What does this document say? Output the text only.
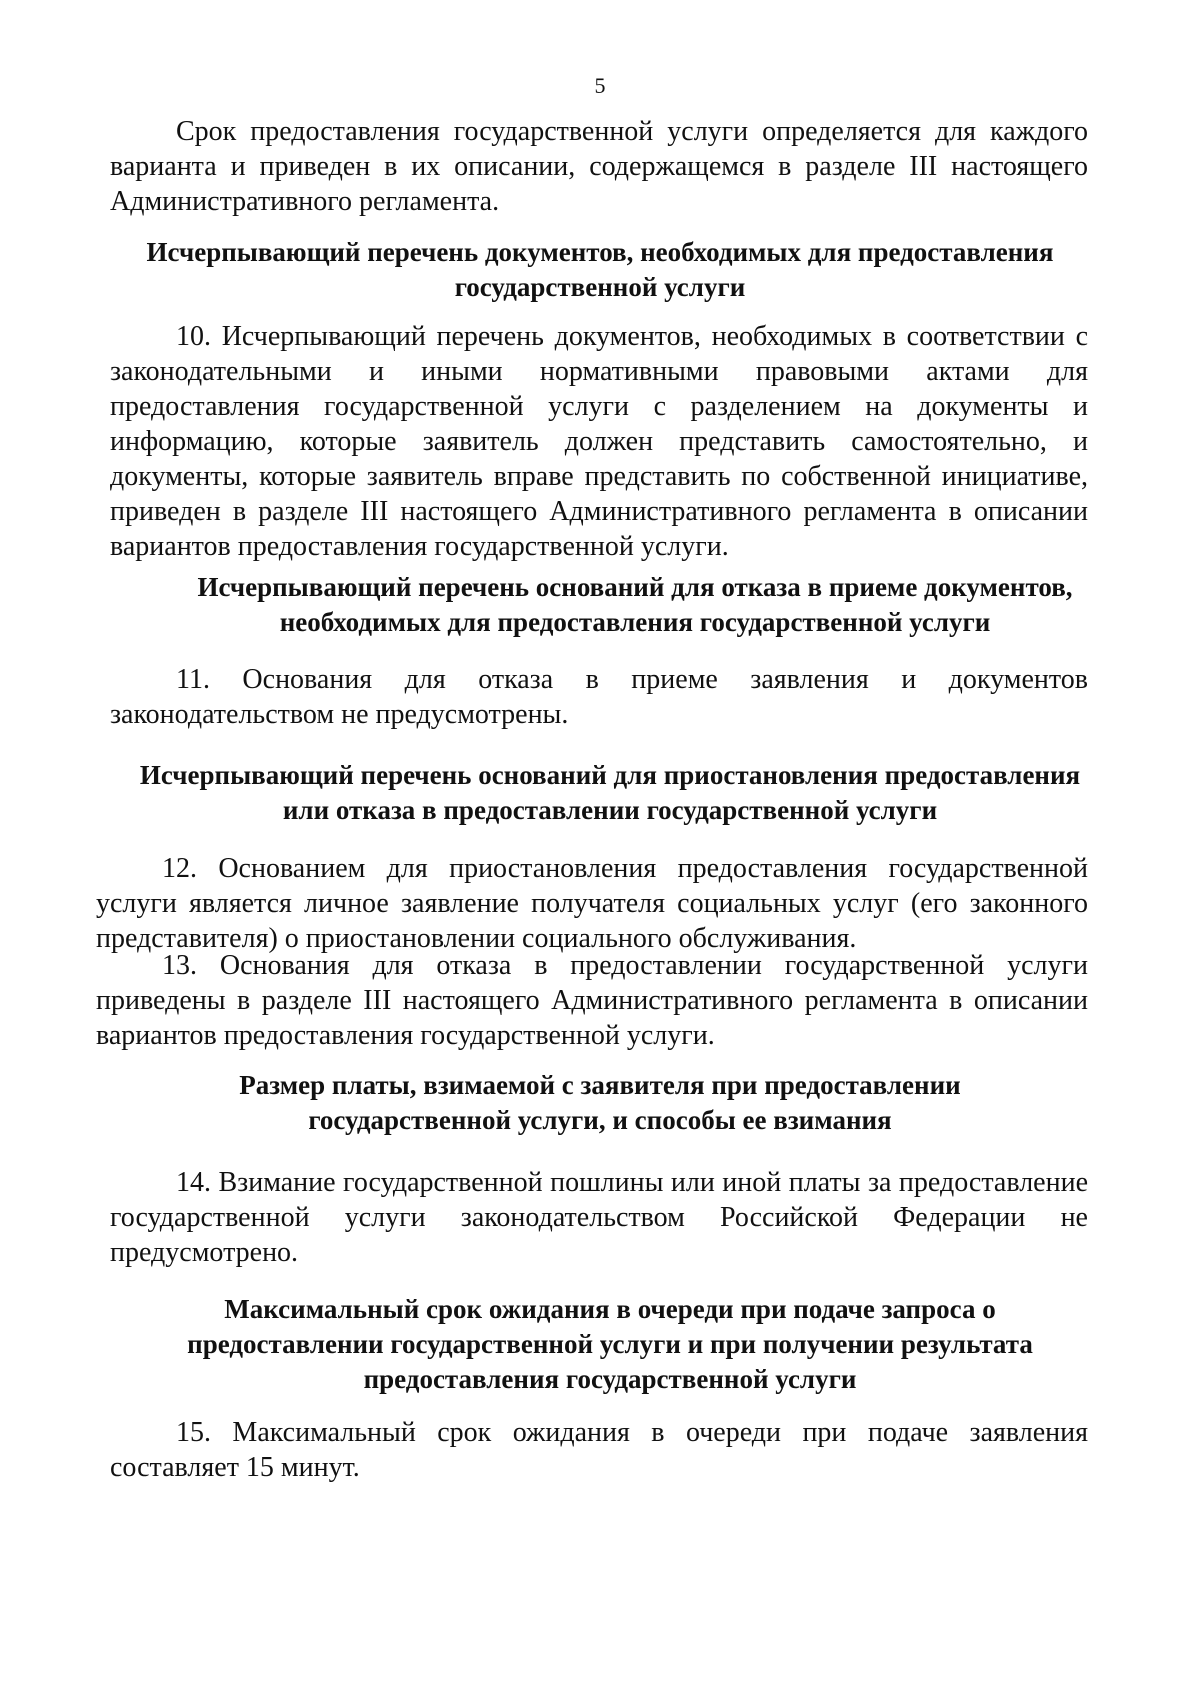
5
Срок предоставления государственной услуги определяется для каждого варианта и приведен в их описании, содержащемся в разделе III настоящего Административного регламента.
Исчерпывающий перечень документов, необходимых для предоставления
государственной услуги
10. Исчерпывающий перечень документов, необходимых в соответствии с законодательными и иными нормативными правовыми актами для предоставления государственной услуги с разделением на документы и информацию, которые заявитель должен представить самостоятельно, и документы, которые заявитель вправе представить по собственной инициативе, приведен в разделе III настоящего Административного регламента в описании вариантов предоставления государственной услуги.
Исчерпывающий перечень оснований для отказа в приеме документов,
необходимых для предоставления государственной услуги
11. Основания для отказа в приеме заявления и документов законодательством не предусмотрены.
Исчерпывающий перечень оснований для приостановления предоставления
или отказа в предоставлении государственной услуги
12. Основанием для приостановления предоставления государственной услуги является личное заявление получателя социальных услуг (его законного представителя) о приостановлении социального обслуживания.
13. Основания для отказа в предоставлении государственной услуги приведены в разделе III настоящего Административного регламента в описании вариантов предоставления государственной услуги.
Размер платы, взимаемой с заявителя при предоставлении
государственной услуги, и способы ее взимания
14. Взимание государственной пошлины или иной платы за предоставление государственной услуги законодательством Российской Федерации не предусмотрено.
Максимальный срок ожидания в очереди при подаче запроса о
предоставлении государственной услуги и при получении результата
предоставления государственной услуги
15. Максимальный срок ожидания в очереди при подаче заявления составляет 15 минут.
